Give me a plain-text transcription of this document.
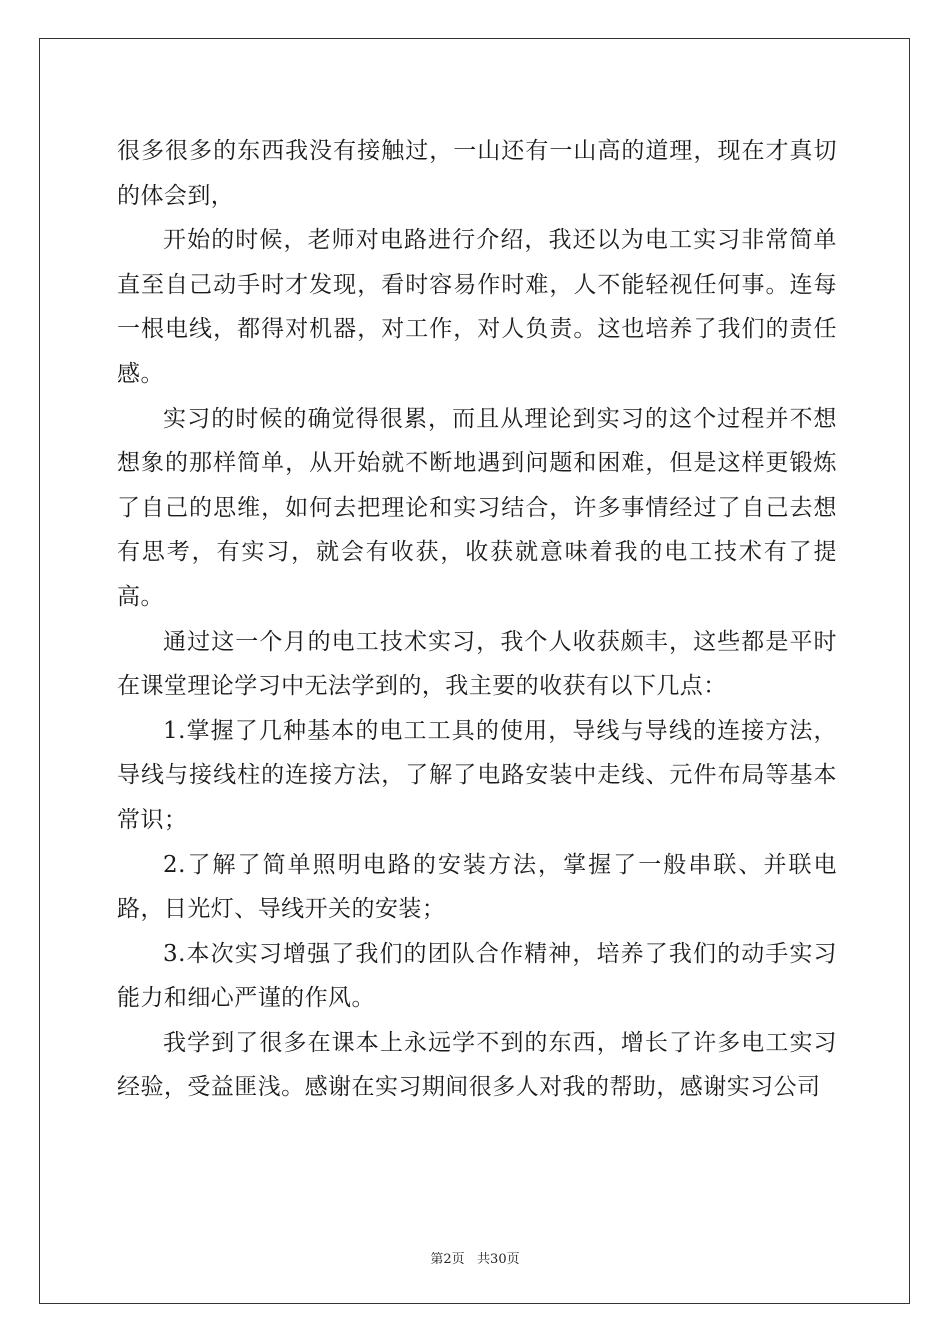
很多很多的东西我没有接触过，一山还有一山高的道理，现在才真切的体会到，

开始的时候，老师对电路进行介绍，我还以为电工实习非常简单直至自己动手时才发现，看时容易作时难，人不能轻视任何事。连每一根电线，都得对机器，对工作，对人负责。这也培养了我们的责任感。

实习的时候的确觉得很累，而且从理论到实习的这个过程并不想想象的那样简单，从开始就不断地遇到问题和困难，但是这样更锻炼了自己的思维，如何去把理论和实习结合，许多事情经过了自己去想有思考，有实习，就会有收获，收获就意味着我的电工技术有了提高。

通过这一个月的电工技术实习，我个人收获颇丰，这些都是平时在课堂理论学习中无法学到的，我主要的收获有以下几点：

1.掌握了几种基本的电工工具的使用，导线与导线的连接方法，导线与接线柱的连接方法，了解了电路安装中走线、元件布局等基本常识；

2.了解了简单照明电路的安装方法，掌握了一般串联、并联电路，日光灯、导线开关的安装；

3.本次实习增强了我们的团队合作精神，培养了我们的动手实习能力和细心严谨的作风。

我学到了很多在课本上永远学不到的东西，增长了许多电工实习经验，受益匪浅。感谢在实习期间很多人对我的帮助，感谢实习公司

第2页   共30页
